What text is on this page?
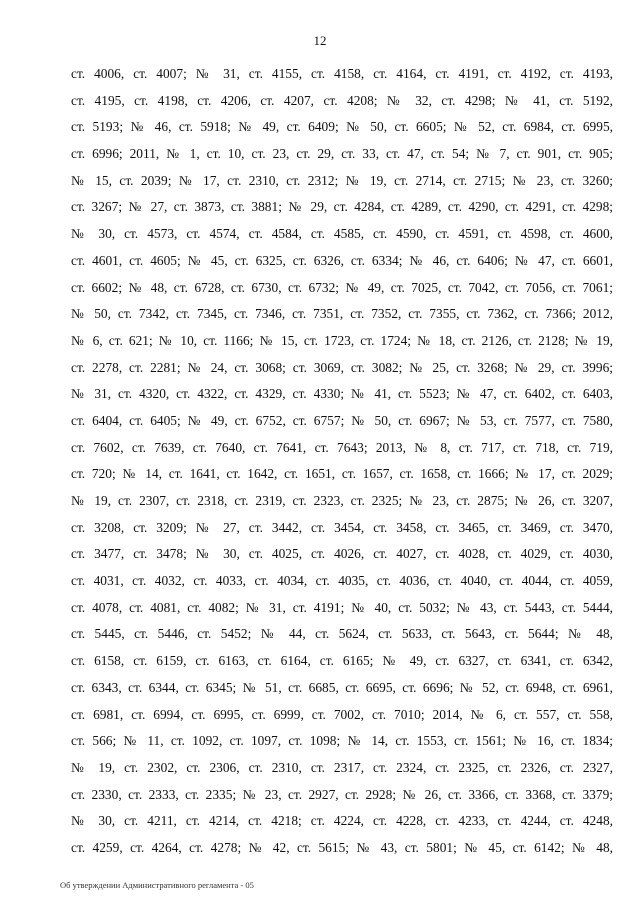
12
ст. 4006, ст. 4007; № 31, ст. 4155, ст. 4158, ст. 4164, ст. 4191, ст. 4192, ст. 4193,
ст. 4195, ст. 4198, ст. 4206, ст. 4207, ст. 4208; № 32, ст. 4298; № 41, ст. 5192,
ст. 5193; № 46, ст. 5918; № 49, ст. 6409; № 50, ст. 6605; № 52, ст. 6984, ст. 6995,
ст. 6996; 2011, № 1, ст. 10, ст. 23, ст. 29, ст. 33, ст. 47, ст. 54; № 7, ст. 901, ст. 905;
№ 15, ст. 2039; № 17, ст. 2310, ст. 2312; № 19, ст. 2714, ст. 2715; № 23, ст. 3260;
ст. 3267; № 27, ст. 3873, ст. 3881; № 29, ст. 4284, ст. 4289, ст. 4290, ст. 4291, ст. 4298;
№ 30, ст. 4573, ст. 4574, ст. 4584, ст. 4585, ст. 4590, ст. 4591, ст. 4598, ст. 4600,
ст. 4601, ст. 4605; № 45, ст. 6325, ст. 6326, ст. 6334; № 46, ст. 6406; № 47, ст. 6601,
ст. 6602; № 48, ст. 6728, ст. 6730, ст. 6732; № 49, ст. 7025, ст. 7042, ст. 7056, ст. 7061;
№ 50, ст. 7342, ст. 7345, ст. 7346, ст. 7351, ст. 7352, ст. 7355, ст. 7362, ст. 7366; 2012,
№ 6, ст. 621; № 10, ст. 1166; № 15, ст. 1723, ст. 1724; № 18, ст. 2126, ст. 2128; № 19,
ст. 2278, ст. 2281; № 24, ст. 3068; ст. 3069, ст. 3082; № 25, ст. 3268; № 29, ст. 3996;
№ 31, ст. 4320, ст. 4322, ст. 4329, ст. 4330; № 41, ст. 5523; № 47, ст. 6402, ст. 6403,
ст. 6404, ст. 6405; № 49, ст. 6752, ст. 6757; № 50, ст. 6967; № 53, ст. 7577, ст. 7580,
ст. 7602, ст. 7639, ст. 7640, ст. 7641, ст. 7643; 2013, № 8, ст. 717, ст. 718, ст. 719,
ст. 720; № 14, ст. 1641, ст. 1642, ст. 1651, ст. 1657, ст. 1658, ст. 1666; № 17, ст. 2029;
№ 19, ст. 2307, ст. 2318, ст. 2319, ст. 2323, ст. 2325; № 23, ст. 2875; № 26, ст. 3207,
ст. 3208, ст. 3209; № 27, ст. 3442, ст. 3454, ст. 3458, ст. 3465, ст. 3469, ст. 3470,
ст. 3477, ст. 3478; № 30, ст. 4025, ст. 4026, ст. 4027, ст. 4028, ст. 4029, ст. 4030,
ст. 4031, ст. 4032, ст. 4033, ст. 4034, ст. 4035, ст. 4036, ст. 4040, ст. 4044, ст. 4059,
ст. 4078, ст. 4081, ст. 4082; № 31, ст. 4191; № 40, ст. 5032; № 43, ст. 5443, ст. 5444,
ст. 5445, ст. 5446, ст. 5452; № 44, ст. 5624, ст. 5633, ст. 5643, ст. 5644; № 48,
ст. 6158, ст. 6159, ст. 6163, ст. 6164, ст. 6165; № 49, ст. 6327, ст. 6341, ст. 6342,
ст. 6343, ст. 6344, ст. 6345; № 51, ст. 6685, ст. 6695, ст. 6696; № 52, ст. 6948, ст. 6961,
ст. 6981, ст. 6994, ст. 6995, ст. 6999, ст. 7002, ст. 7010; 2014, № 6, ст. 557, ст. 558,
ст. 566; № 11, ст. 1092, ст. 1097, ст. 1098; № 14, ст. 1553, ст. 1561; № 16, ст. 1834;
№ 19, ст. 2302, ст. 2306, ст. 2310, ст. 2317, ст. 2324, ст. 2325, ст. 2326, ст. 2327,
ст. 2330, ст. 2333, ст. 2335; № 23, ст. 2927, ст. 2928; № 26, ст. 3366, ст. 3368, ст. 3379;
№ 30, ст. 4211, ст. 4214, ст. 4218; ст. 4224, ст. 4228, ст. 4233, ст. 4244, ст. 4248,
ст. 4259, ст. 4264, ст. 4278; № 42, ст. 5615; № 43, ст. 5801; № 45, ст. 6142; № 48,
Об утверждении Административного регламента - 05
